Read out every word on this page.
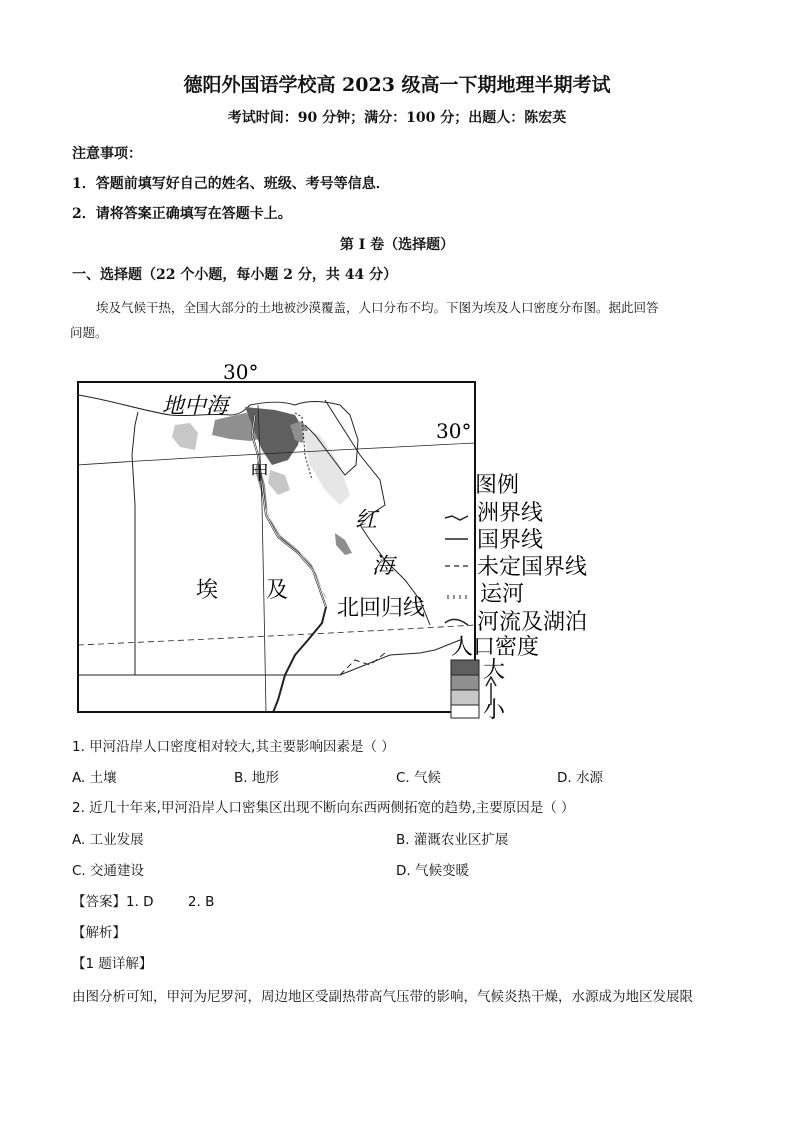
德阳外国语学校高 2023 级高一下期地理半期考试
考试时间：90 分钟；满分：100 分；出题人：陈宏英
注意事项：
1．答题前填写好自己的姓名、班级、考号等信息．
2．请将答案正确填写在答题卡上。
第 I 卷（选择题）
一、选择题（22 个小题，每小题 2 分，共 44 分）
埃及气候干热，全国大部分的土地被沙漠覆盖，人口分布不均。下图为埃及人口密度分布图。据此回答
问题。
30°
30°
地中海
甲
红
海
埃 及
北回归线
图例
洲界线
国界线
未定国界线
运河
河流及湖泊
人口密度
大
小
1. 甲河沿岸人口密度相对较大,其主要影响因素是（ ）
A. 土壤	B. 地形	C. 气候	D. 水源
2. 近几十年来,甲河沿岸人口密集区出现不断向东西两侧拓宽的趋势,主要原因是（ ）
A. 工业发展	B. 灌溉农业区扩展
C. 交通建设	D. 气候变暖
【答案】1. D        2. B
【解析】
【1 题详解】
由图分析可知，甲河为尼罗河，周边地区受副热带高气压带的影响，气候炎热干燥，水源成为地区发展限
